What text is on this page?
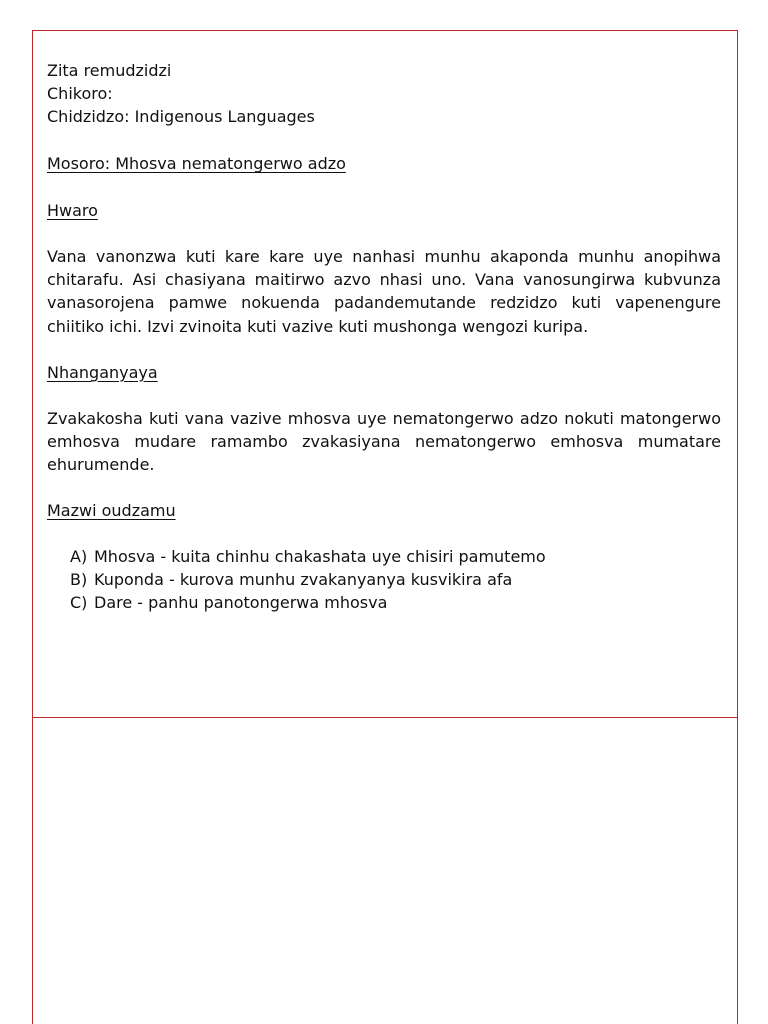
Zita remudzidzi

Chikoro:

Chidzidzo: Indigenous Languages

Mosoro: Mhosva nematongerwo adzo

Hwaro

Vana vanonzwa kuti kare kare uye nanhasi munhu akaponda munhu anopihwa chitarafu. Asi chasiyana maitirwo azvo nhasi uno. Vana vanosungirwa kubvunza vanasorojena pamwe nokuenda padandemutande redzidzo kuti vapenengure chiitiko ichi. Izvi zvinoita kuti vazive kuti mushonga wengozi kuripa.

Nhanganyaya

Zvakakosha kuti vana vazive mhosva uye nematongerwo adzo nokuti matongerwo emhosva mudare ramambo zvakasiyana nematongerwo emhosva mumatare ehurumende.

Mazwi oudzamu

A) Mhosva - kuita chinhu chakashata uye chisiri pamutemo
B) Kuponda - kurova munhu zvakanyanya kusvikira afa
C) Dare - panhu panotongerwa mhosva
